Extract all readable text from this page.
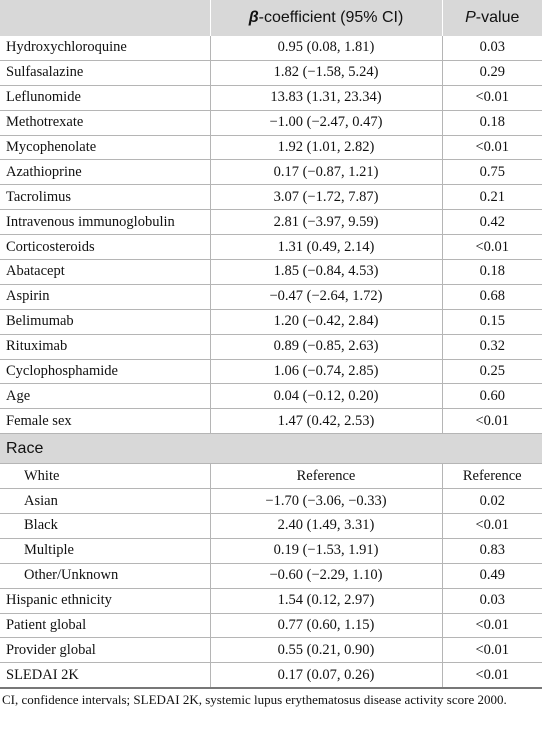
	β-coefficient (95% CI)	P-value
Hydroxychloroquine	0.95 (0.08, 1.81)	0.03
Sulfasalazine	1.82 (−1.58, 5.24)	0.29
Leflunomide	13.83 (1.31, 23.34)	<0.01
Methotrexate	−1.00 (−2.47, 0.47)	0.18
Mycophenolate	1.92 (1.01, 2.82)	<0.01
Azathioprine	0.17 (−0.87, 1.21)	0.75
Tacrolimus	3.07 (−1.72, 7.87)	0.21
Intravenous immunoglobulin	2.81 (−3.97, 9.59)	0.42
Corticosteroids	1.31 (0.49, 2.14)	<0.01
Abatacept	1.85 (−0.84, 4.53)	0.18
Aspirin	−0.47 (−2.64, 1.72)	0.68
Belimumab	1.20 (−0.42, 2.84)	0.15
Rituximab	0.89 (−0.85, 2.63)	0.32
Cyclophosphamide	1.06 (−0.74, 2.85)	0.25
Age	0.04 (−0.12, 0.20)	0.60
Female sex	1.47 (0.42, 2.53)	<0.01
Race		
White	Reference	Reference
Asian	−1.70 (−3.06, −0.33)	0.02
Black	2.40 (1.49, 3.31)	<0.01
Multiple	0.19 (−1.53, 1.91)	0.83
Other/Unknown	−0.60 (−2.29, 1.10)	0.49
Hispanic ethnicity	1.54 (0.12, 2.97)	0.03
Patient global	0.77 (0.60, 1.15)	<0.01
Provider global	0.55 (0.21, 0.90)	<0.01
SLEDAI 2K	0.17 (0.07, 0.26)	<0.01
CI, confidence intervals; SLEDAI 2K, systemic lupus erythematosus disease activity score 2000.
